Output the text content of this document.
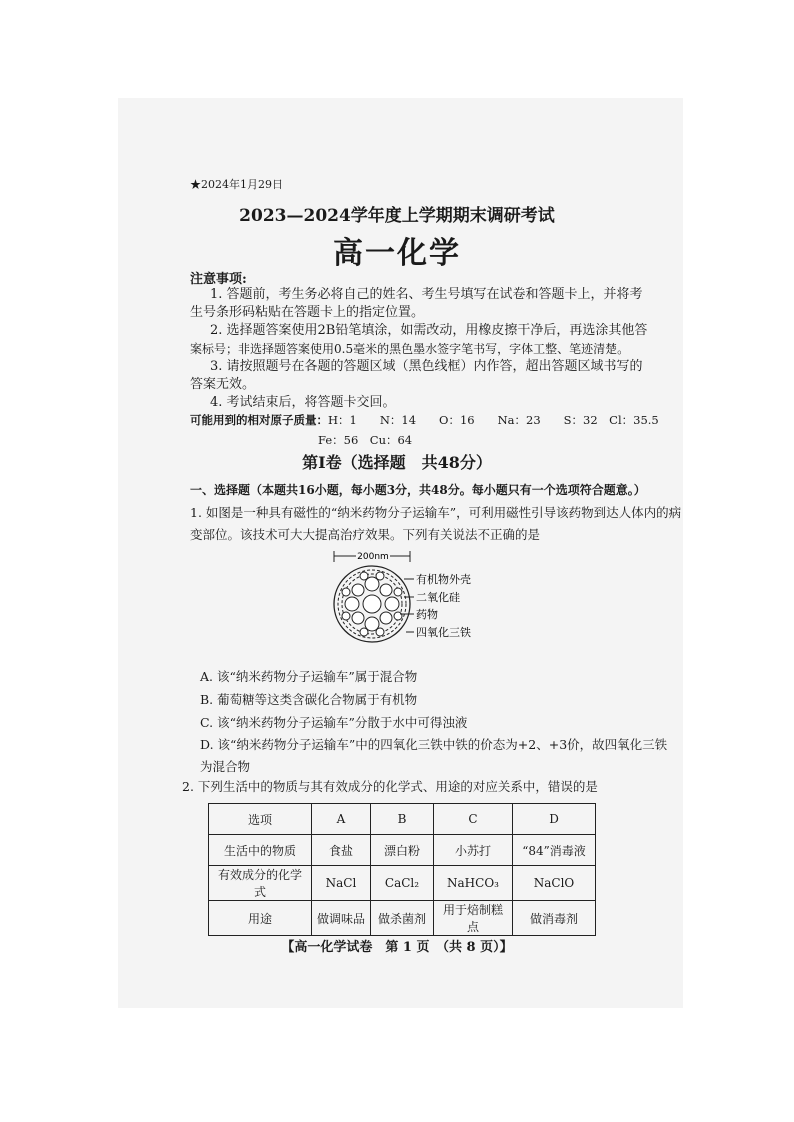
★2024年1月29日
2023—2024学年度上学期期末调研考试
高一化学
注意事项:
1. 答题前，考生务必将自己的姓名、考生号填写在试卷和答题卡上，并将考
生号条形码粘贴在答题卡上的指定位置。
2. 选择题答案使用2B铅笔填涂，如需改动，用橡皮擦干净后，再选涂其他答
案标号；非选择题答案使用0.5毫米的黑色墨水签字笔书写，字体工整、笔迹清楚。
3. 请按照题号在各题的答题区域（黑色线框）内作答，超出答题区域书写的
答案无效。
4. 考试结束后，将答题卡交回。
可能用到的相对原子质量：H：1　　N：14　　O：16　　Na：23　　S：32　Cl：35.5
Fe：56　Cu：64
第Ⅰ卷（选择题　共48分）
一、选择题（本题共16小题，每小题3分，共48分。每小题只有一个选项符合题意。）
1. 如图是一种具有磁性的“纳米药物分子运输车”，可利用磁性引导该药物到达人体内的病
变部位。该技术可大大提高治疗效果。下列有关说法不正确的是
200nm
有机物外壳
二氧化硅
药物
四氧化三铁
A. 该“纳米药物分子运输车”属于混合物
B. 葡萄糖等这类含碳化合物属于有机物
C. 该“纳米药物分子运输车”分散于水中可得浊液
D. 该“纳米药物分子运输车”中的四氧化三铁中铁的价态为+2、+3价，故四氧化三铁
为混合物
2. 下列生活中的物质与其有效成分的化学式、用途的对应关系中，错误的是
选项	A	B	C	D
生活中的物质	食盐	漂白粉	小苏打	“84”消毒液
有效成分的化学式	NaCl	CaCl₂	NaHCO₃	NaClO
用途	做调味品	做杀菌剂	用于焙制糕点	做消毒剂
【高一化学试卷　第 1 页　（共 8 页）】
